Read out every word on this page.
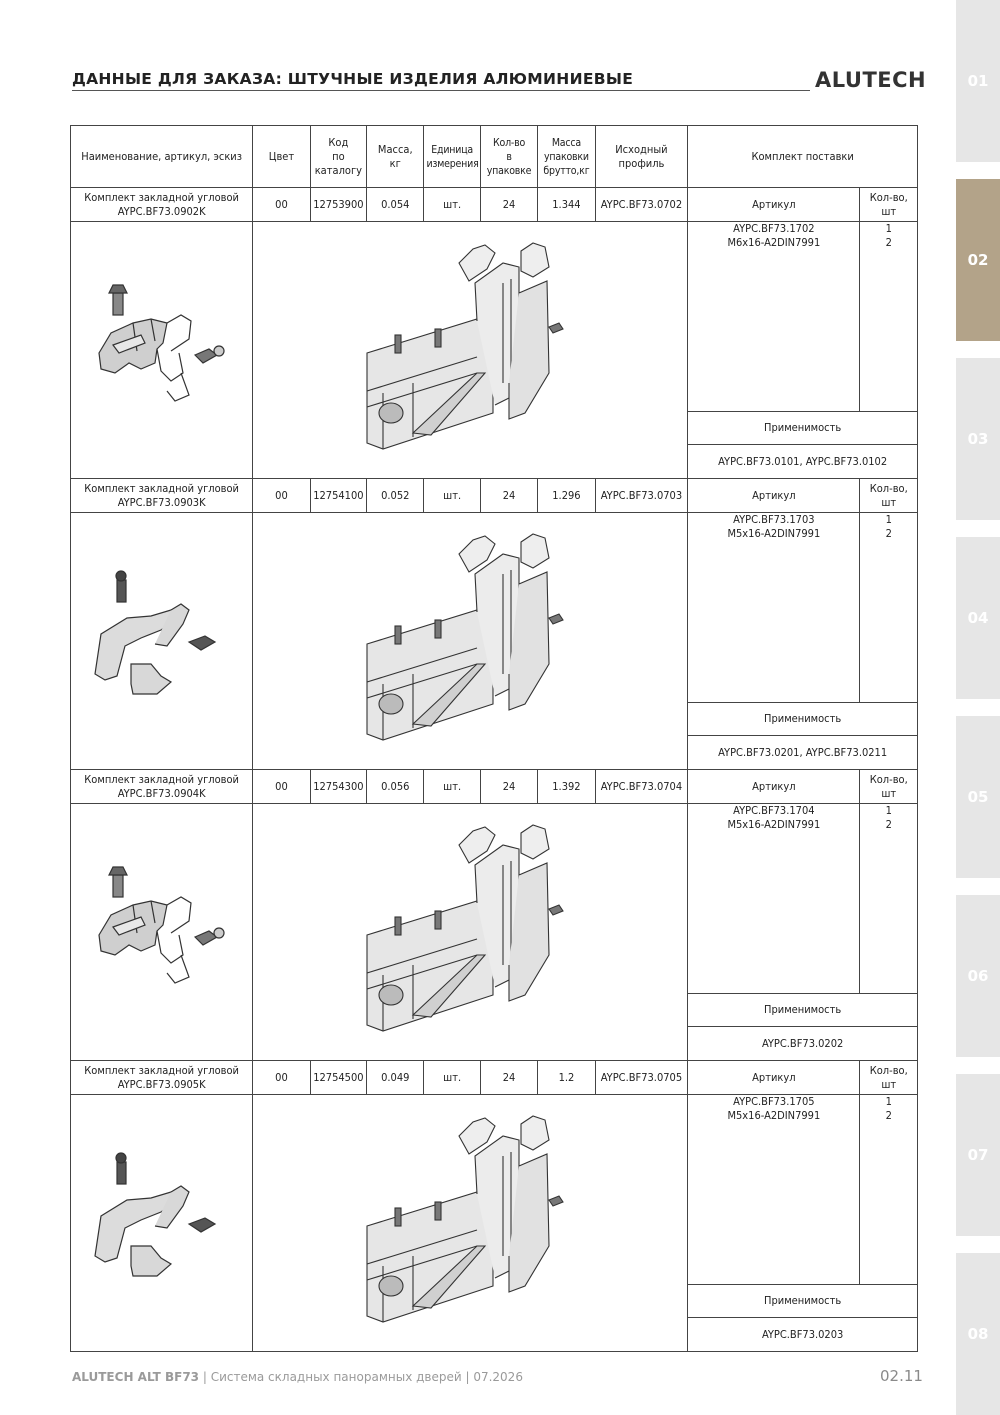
ДАННЫЕ ДЛЯ ЗАКАЗА: ШТУЧНЫЕ ИЗДЕЛИЯ АЛЮМИНИЕВЫЕ	ALUTECH	01
02
03
04
05
06
07
08
Наименование, артикул, эскиз	Цвет	Код
по
каталогу	Масса,
кг	Единица
измерения	Кол-во
в упаковке	Масса
упаковки
брутто,кг	Исходный
профиль	Комплект поставки	

Комплект закладной угловой
AYPC.BF73.0902K	00	12753900	0.054	шт.	24	1.344	AYPC.BF73.0702	Артикул	Кол-во,
шт

AYPC.BF73.1702
M6x16-A2DIN7991	1
2

								Применимость	
								AYPC.BF73.0101, AYPC.BF73.0102	

Комплект закладной угловой
AYPC.BF73.0903K	00	12754100	0.052	шт.	24	1.296	AYPC.BF73.0703	Артикул	Кол-во,
шт

AYPC.BF73.1703
M5x16-A2DIN7991	1
2

								Применимость	
								AYPC.BF73.0201, AYPC.BF73.0211	

Комплект закладной угловой
AYPC.BF73.0904K	00	12754300	0.056	шт.	24	1.392	AYPC.BF73.0704	Артикул	Кол-во,
шт

AYPC.BF73.1704
M5x16-A2DIN7991	1
2

								Применимость	
								AYPC.BF73.0202	

Комплект закладной угловой
AYPC.BF73.0905K	00	12754500	0.049	шт.	24	1.2	AYPC.BF73.0705	Артикул	Кол-во,
шт

AYPC.BF73.1705
M5x16-A2DIN7991	1
2

								Применимость	
								AYPC.BF73.0203	
ALUTECH ALT BF73 | Система складных панорамных дверей | 07.2026	02.11
